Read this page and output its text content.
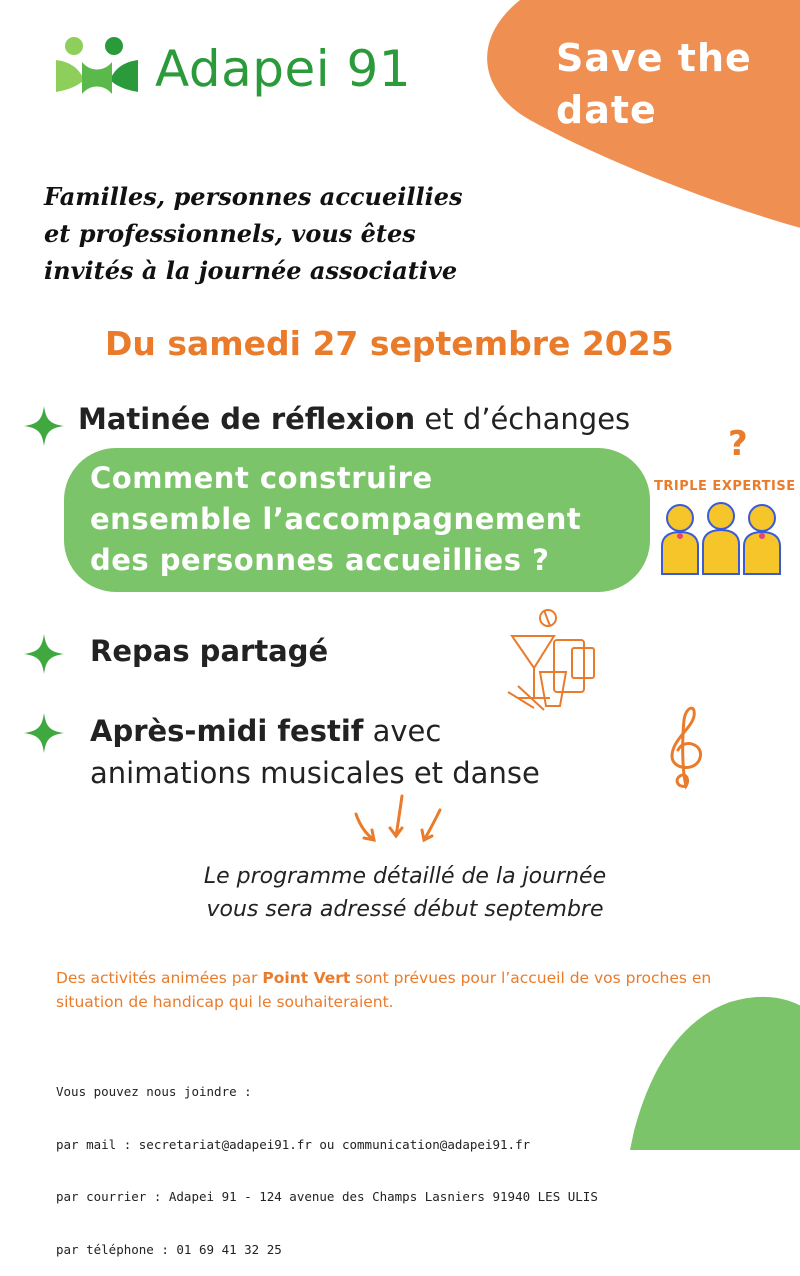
Adapei 91	Save the
date
Familles, personnes accueillies
et professionnels, vous êtes
invités à la journée associative
Du samedi 27 septembre 2025
Matinée de réflexion et d’échanges
Comment construire
ensemble l’accompagnement
des personnes accueillies ?
?
TRIPLE EXPERTISE
Repas partagé
Après-midi festif avec
animations musicales et danse
Le programme détaillé de la journée
vous sera adressé début septembre
Des activités animées par Point Vert sont prévues pour l’accueil de vos proches en situation de handicap qui le souhaiteraient.

Vous pouvez nous joindre :

par mail : secretariat@adapei91.fr ou communication@adapei91.fr

par courrier : Adapei 91 - 124 avenue des Champs Lasniers 91940 LES ULIS

par téléphone : 01 69 41 32 25
